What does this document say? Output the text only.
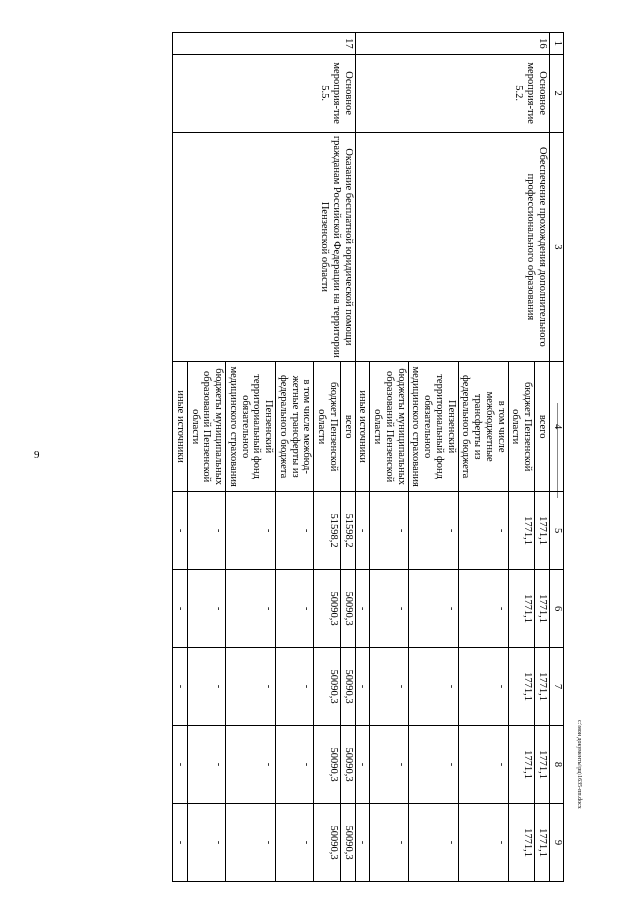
9
c:\мои документы\рц\1635-пп.docx
1	2	3	4	5	6	7	8	9
16	Основное мероприя-тие 5.2.	Обеспечение прохождения дополнительного профессионального образования	всего	1771,1	1771,1	1771,1	1771,1	1771,1
			бюджет Пензенской области	1771,1	1771,1	1771,1	1771,1	1771,1
			в том числе межбюджетные трансферты из федерального бюджета	-	-	-	-	-
			Пензенский территориальный фонд обязательного медицинского страхования	-	-	-	-	-
			бюджеты муниципальных образований Пензенской области	-	-	-	-	-
			иные источники	-	-	-	-	-
17	Основное мероприя-тие 5.5.	Оказание бесплатной юридической помощи гражданам Российской Федерации на территории Пензенской области	всего	51598,2	50090,3	50090,3	50090,3	50090,3
			бюджет Пензенской области	51598,2	50090,3	50090,3	50090,3	50090,3
			в том числе межбюд-жетные трансферты из федерального бюджета	-	-	-	-	-
			Пензенский территориальный фонд обязательного медицинского страхования	-	-	-	-	-
			бюджеты муниципальных образований Пензенской области	-	-	-	-	-
			иные источники	-	-	-	-	-
